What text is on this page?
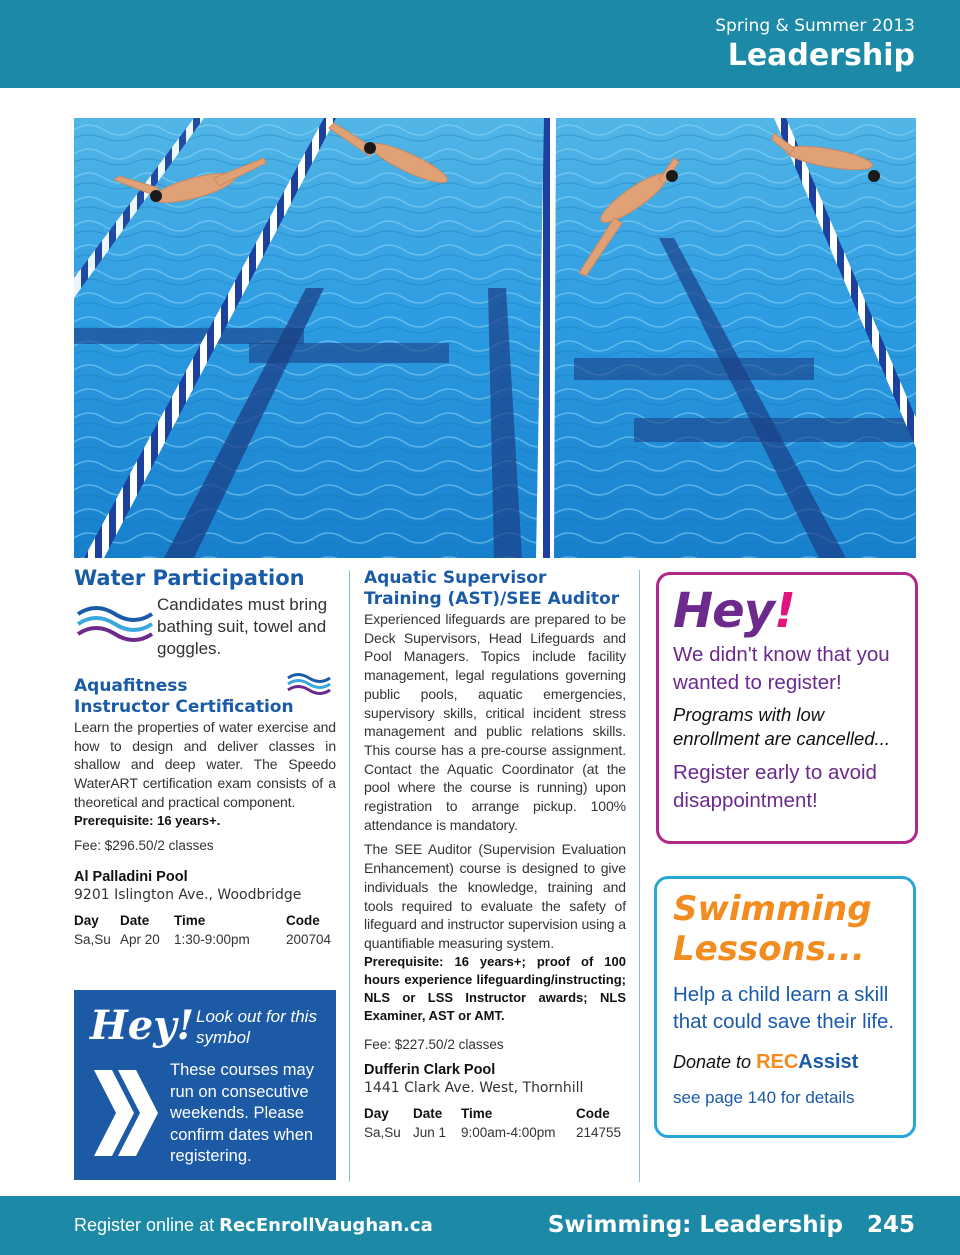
Spring & Summer 2013
Leadership
Water Participation
Candidates must bring bathing suit, towel and goggles.
Aquafitness
Instructor Certification
Learn the properties of water exercise and how to design and deliver classes in shallow and deep water. The Speedo WaterART certification exam consists of a theoretical and practical component.
Prerequisite: 16 years+.
Fee: $296.50/2 classes
Al Palladini Pool
9201 Islington Ave., Woodbridge
Day	Date	Time	Code
Sa,Su	Apr 20	1:30-9:00pm	200704
Hey! Look out for this symbol
These courses may run on consecutive weekends. Please confirm dates when registering.
Aquatic Supervisor
Training (AST)/SEE Auditor
Experienced lifeguards are prepared to be Deck Supervisors, Head Lifeguards and Pool Managers. Topics include facility management, legal regulations governing public pools, aquatic emergencies, supervisory skills, critical incident stress management and public relations skills. This course has a pre-course assignment. Contact the Aquatic Coordinator (at the pool where the course is running) upon registration to arrange pickup. 100% attendance is mandatory.
The SEE Auditor (Supervision Evaluation Enhancement) course is designed to give individuals the knowledge, training and tools required to evaluate the safety of lifeguard and instructor supervision using a quantifiable measuring system.
Prerequisite: 16 years+; proof of 100 hours experience lifeguarding/instructing; NLS or LSS Instructor awards; NLS Examiner, AST or AMT.
Fee: $227.50/2 classes
Dufferin Clark Pool
1441 Clark Ave. West, Thornhill
Day	Date	Time	Code
Sa,Su	Jun 1	9:00am-4:00pm	214755
Hey!
We didn't know that you wanted to register!
Programs with low enrollment are cancelled...
Register early to avoid disappointment!
Swimming Lessons...
Help a child learn a skill that could save their life.
Donate to RECAssist
see page 140 for details
Register online at RecEnrollVaughan.ca	Swimming: Leadership 245
